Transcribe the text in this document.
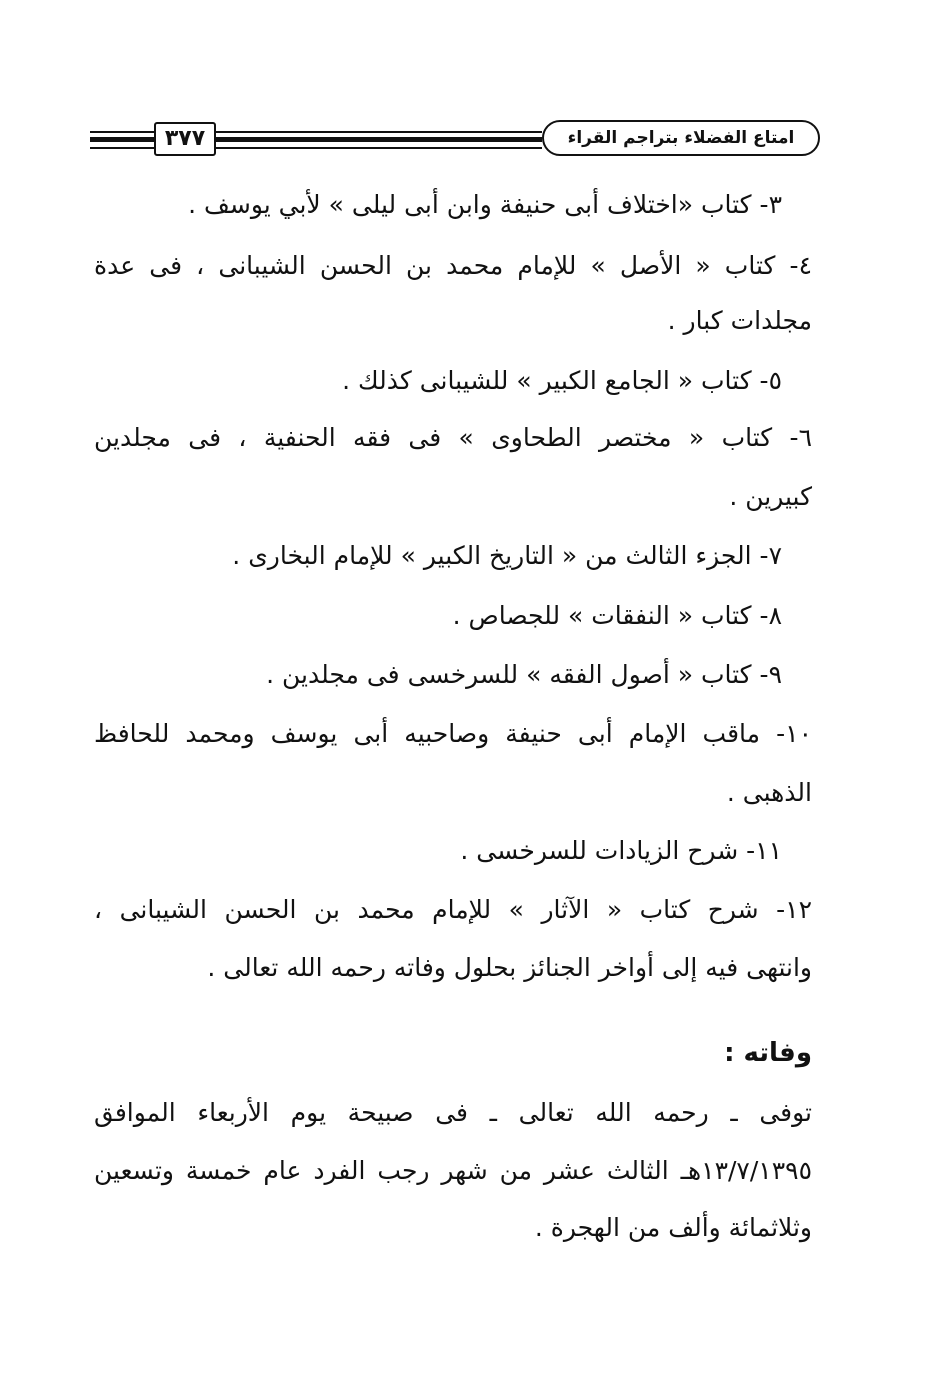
٣٧٧	امتاع الفضلاء بتراجم القراء
٣- كتاب «اختلاف أبى حنيفة وابن أبى ليلى » لأبي يوسف .
٤- كتاب « الأصل » للإمام محمد بن الحسن الشيبانى ، فى عدة
مجلدات كبار .
٥- كتاب « الجامع الكبير » للشيبانى كذلك .
٦- كتاب « مختصر الطحاوى » فى فقه الحنفية ، فى مجلدين
كبيرين .
٧- الجزء الثالث من « التاريخ الكبير » للإمام البخارى .
٨- كتاب « النفقات » للجصاص .
٩- كتاب « أصول الفقه » للسرخسى فى مجلدين .
١٠- ماقب الإمام أبى حنيفة وصاحبيه أبى يوسف ومحمد للحافظ
الذهبى .
١١- شرح الزيادات للسرخسى .
١٢- شرح كتاب « الآثار » للإمام محمد بن الحسن الشيبانى ،
وانتهى فيه إلى أواخر الجنائز بحلول وفاته رحمه الله تعالى .
وفاته :
توفى ـ رحمه الله تعالى ـ فى صبيحة يوم الأربعاء الموافق
١٣/٧/١٣٩٥هـ الثالث عشر من شهر رجب الفرد عام خمسة وتسعين
وثلاثمائة وألف من الهجرة .
